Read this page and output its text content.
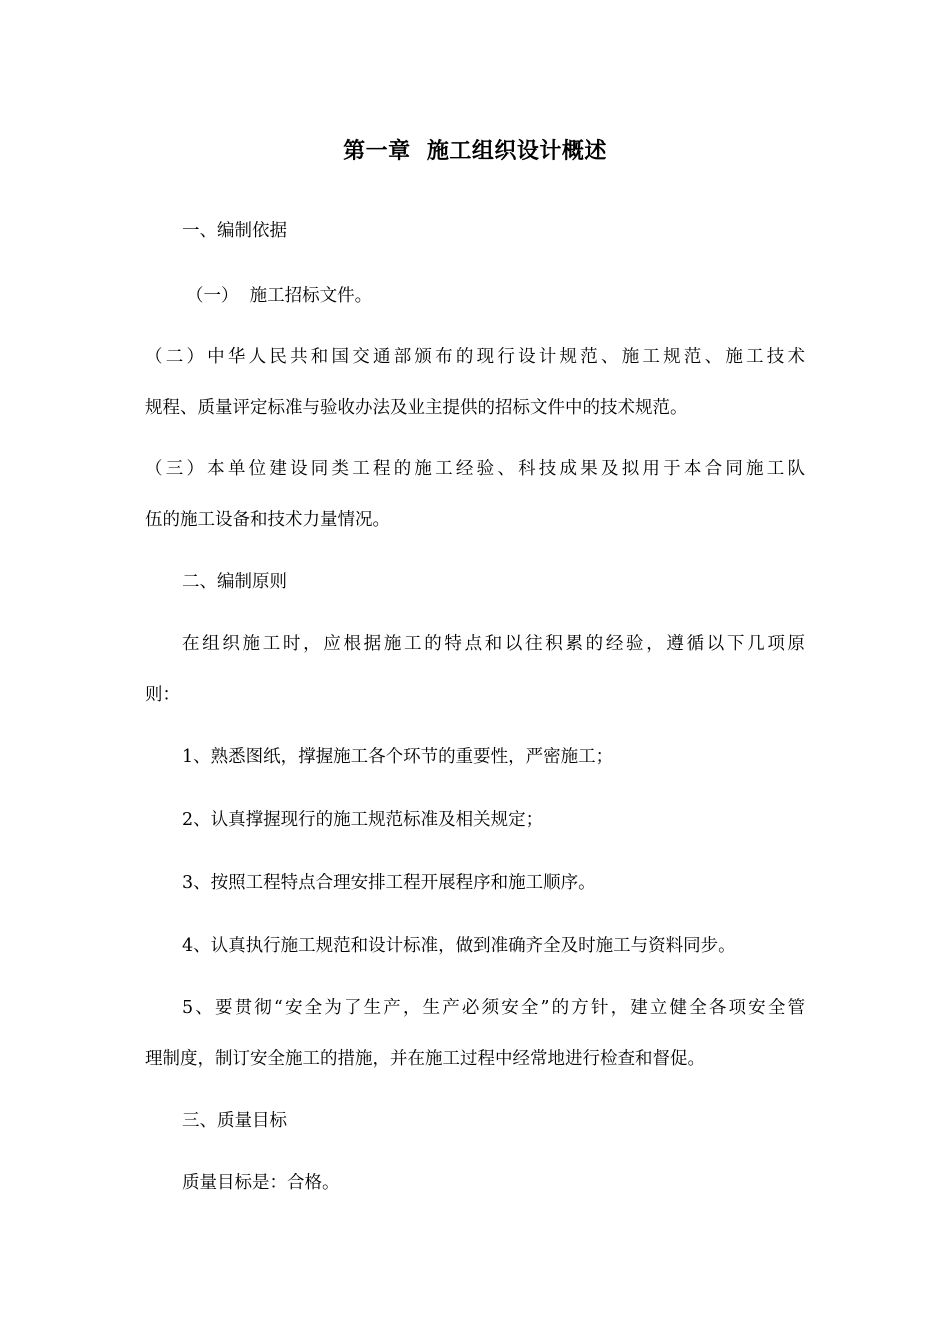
第一章  施工组织设计概述
一、编制依据
（一）  施工招标文件。
（二）中华人民共和国交通部颁布的现行设计规范、施工规范、施工技术
规程、质量评定标准与验收办法及业主提供的招标文件中的技术规范。
（三）本单位建设同类工程的施工经验、科技成果及拟用于本合同施工队
伍的施工设备和技术力量情况。
二、编制原则
在组织施工时，应根据施工的特点和以往积累的经验，遵循以下几项原
则：
1、熟悉图纸，撑握施工各个环节的重要性，严密施工；
2、认真撑握现行的施工规范标准及相关规定；
3、按照工程特点合理安排工程开展程序和施工顺序。
4、认真执行施工规范和设计标准，做到准确齐全及时施工与资料同步。
5、要贯彻“安全为了生产，生产必须安全”的方针，建立健全各项安全管
理制度，制订安全施工的措施，并在施工过程中经常地进行检查和督促。
三、质量目标
质量目标是：合格。
